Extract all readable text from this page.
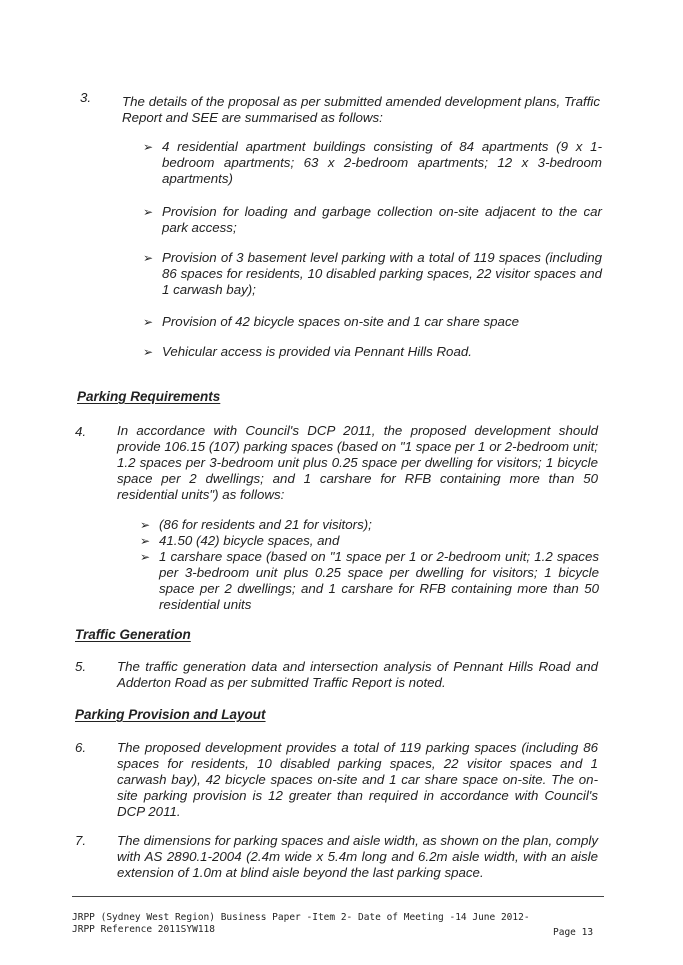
3. The details of the proposal as per submitted amended development plans, Traffic Report and SEE are summarised as follows:
➢ 4 residential apartment buildings consisting of 84 apartments (9 x 1-bedroom apartments; 63 x 2-bedroom apartments; 12 x 3-bedroom apartments)
➢ Provision for loading and garbage collection on-site adjacent to the car park access;
➢ Provision of 3 basement level parking with a total of 119 spaces (including 86 spaces for residents, 10 disabled parking spaces, 22 visitor spaces and 1 carwash bay);
➢ Provision of 42 bicycle spaces on-site and 1 car share space
➢ Vehicular access is provided via Pennant Hills Road.
Parking Requirements
4. In accordance with Council's DCP 2011, the proposed development should provide 106.15 (107) parking spaces (based on "1 space per 1 or 2-bedroom unit; 1.2 spaces per 3-bedroom unit plus 0.25 space per dwelling for visitors; 1 bicycle space per 2 dwellings; and 1 carshare for RFB containing more than 50 residential units") as follows:
➢ (86 for residents and 21 for visitors);
➢ 41.50 (42) bicycle spaces, and
➢ 1 carshare space (based on "1 space per 1 or 2-bedroom unit; 1.2 spaces per 3-bedroom unit plus 0.25 space per dwelling for visitors; 1 bicycle space per 2 dwellings; and 1 carshare for RFB containing more than 50 residential units
Traffic Generation
5. The traffic generation data and intersection analysis of Pennant Hills Road and Adderton Road as per submitted Traffic Report is noted.
Parking Provision and Layout
6. The proposed development provides a total of 119 parking spaces (including 86 spaces for residents, 10 disabled parking spaces, 22 visitor spaces and 1 carwash bay), 42 bicycle spaces on-site and 1 car share space on-site. The on-site parking provision is 12 greater than required in accordance with Council's DCP 2011.
7. The dimensions for parking spaces and aisle width, as shown on the plan, comply with AS 2890.1-2004 (2.4m wide x 5.4m long and 6.2m aisle width, with an aisle extension of 1.0m at blind aisle beyond the last parking space.
JRPP (Sydney West Region) Business Paper -Item 2- Date of Meeting -14 June 2012-
JRPP Reference 2011SYW118	Page 13
